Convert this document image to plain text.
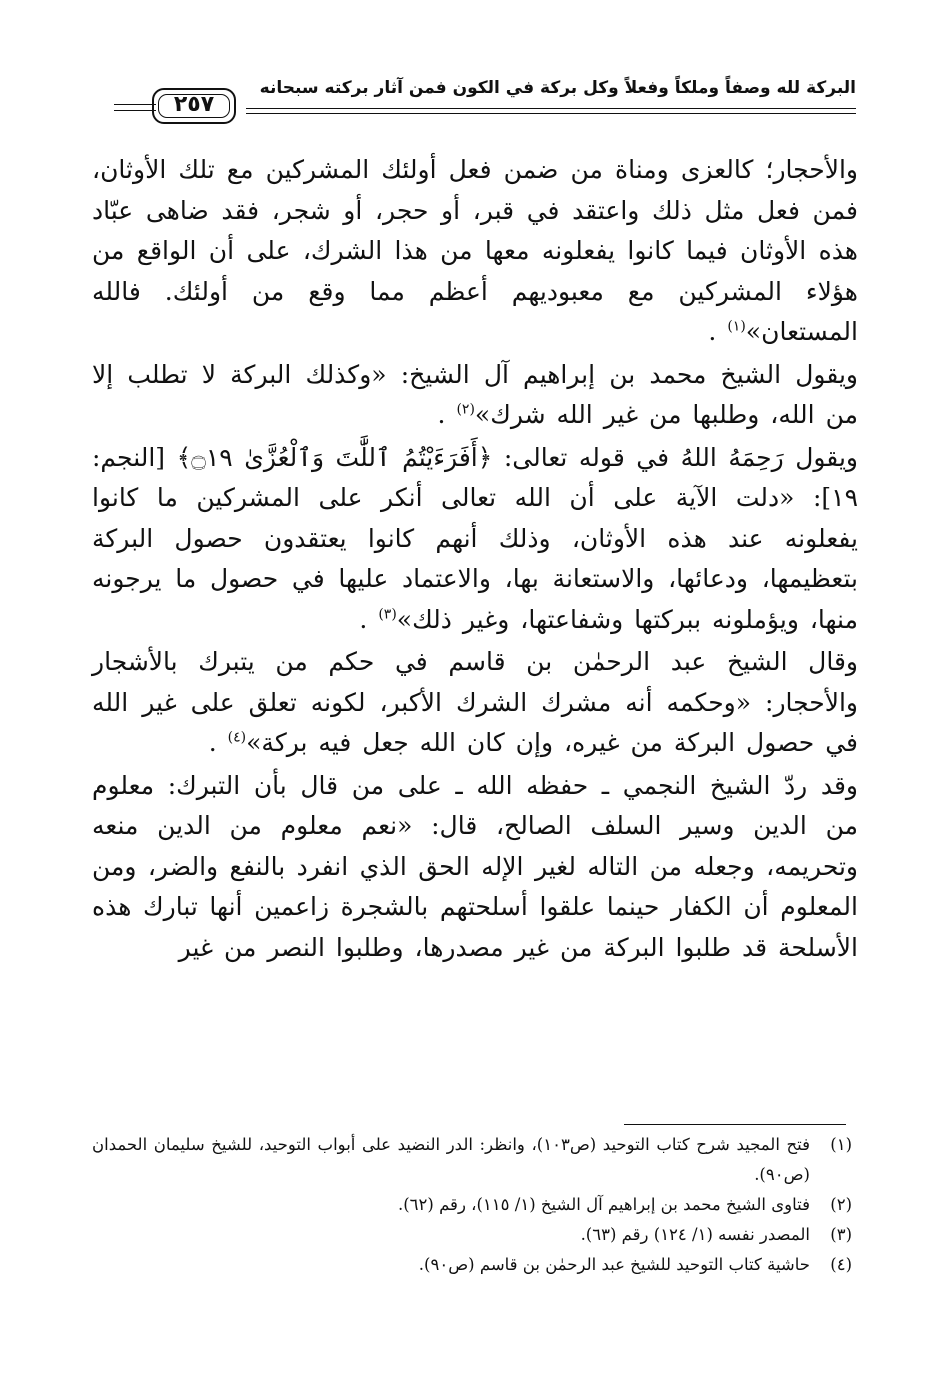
البركة لله وصفاً وملكاً وفعلاً وكل بركة في الكون فمن آثار بركته سبحانه
٢٥٧

والأحجار؛ كالعزى ومناة من ضمن فعل أولئك المشركين مع تلك الأوثان، فمن فعل مثل ذلك واعتقد في قبر، أو حجر، أو شجر، فقد ضاهى عبّاد هذه الأوثان فيما كانوا يفعلونه معها من هذا الشرك، على أن الواقع من هؤلاء المشركين مع معبوديهم أعظم مما وقع من أولئك. فالله المستعان»$^{(١)}$ .

ويقول الشيخ محمد بن إبراهيم آل الشيخ: «وكذلك البركة لا تطلب إلا من الله، وطلبها من غير الله شرك»$^{(٢)}$ .

ويقول رَحِمَهُ اللهُ في قوله تعالى: ﴿أَفَرَءَيْتُمُ ٱللَّٰتَ وَٱلْعُزَّىٰ ۝١٩﴾ [النجم: ١٩]: «دلت الآية على أن الله تعالى أنكر على المشركين ما كانوا يفعلونه عند هذه الأوثان، وذلك أنهم كانوا يعتقدون حصول البركة بتعظيمها، ودعائها، والاستعانة بها، والاعتماد عليها في حصول ما يرجونه منها، ويؤملونه ببركتها وشفاعتها، وغير ذلك»$^{(٣)}$ .

وقال الشيخ عبد الرحمٰن بن قاسم في حكم من يتبرك بالأشجار والأحجار: «وحكمه أنه مشرك الشرك الأكبر، لكونه تعلق على غير الله في حصول البركة من غيره، وإن كان الله جعل فيه بركة»$^{(٤)}$ .

وقد ردّ الشيخ النجمي ـ حفظه الله ـ على من قال بأن التبرك: معلوم من الدين وسير السلف الصالح، قال: «نعم معلوم من الدين منعه وتحريمه، وجعله من التاله لغير الإله الحق الذي انفرد بالنفع والضر، ومن المعلوم أن الكفار حينما علقوا أسلحتهم بالشجرة زاعمين أنها تبارك هذه الأسلحة قد طلبوا البركة من غير مصدرها، وطلبوا النصر من غير

(١)
فتح المجيد شرح كتاب التوحيد (ص١٠٣)، وانظر: الدر النضيد على أبواب التوحيد، للشيخ سليمان الحمدان (ص٩٠).
(٢)
فتاوى الشيخ محمد بن إبراهيم آل الشيخ (١/ ١١٥)، رقم (٦٢).
(٣)
المصدر نفسه (١/ ١٢٤) رقم (٦٣).
(٤)
حاشية كتاب التوحيد للشيخ عبد الرحمٰن بن قاسم (ص٩٠).
